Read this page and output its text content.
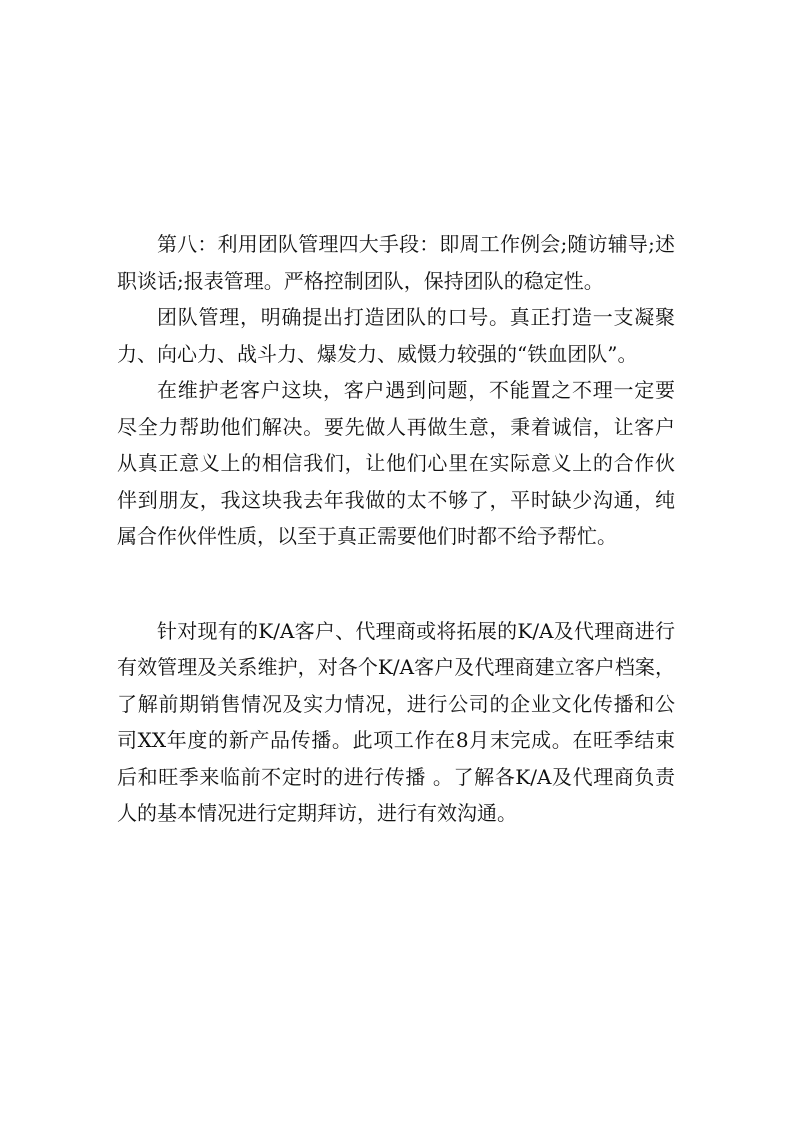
第八：利用团队管理四大手段：即周工作例会;随访辅导;述职谈话;报表管理。严格控制团队，保持团队的稳定性。

团队管理，明确提出打造团队的口号。真正打造一支凝聚力、向心力、战斗力、爆发力、威慑力较强的“铁血团队”。

在维护老客户这块，客户遇到问题，不能置之不理一定要尽全力帮助他们解决。要先做人再做生意，秉着诚信，让客户从真正意义上的相信我们，让他们心里在实际意义上的合作伙伴到朋友，我这块我去年我做的太不够了，平时缺少沟通，纯属合作伙伴性质，以至于真正需要他们时都不给予帮忙。

针对现有的K/A客户、代理商或将拓展的K/A及代理商进行有效管理及关系维护，对各个K/A客户及代理商建立客户档案，了解前期销售情况及实力情况，进行公司的企业文化传播和公司XX年度的新产品传播。此项工作在8月末完成。在旺季结束后和旺季来临前不定时的进行传播 。了解各K/A及代理商负责人的基本情况进行定期拜访，进行有效沟通。
